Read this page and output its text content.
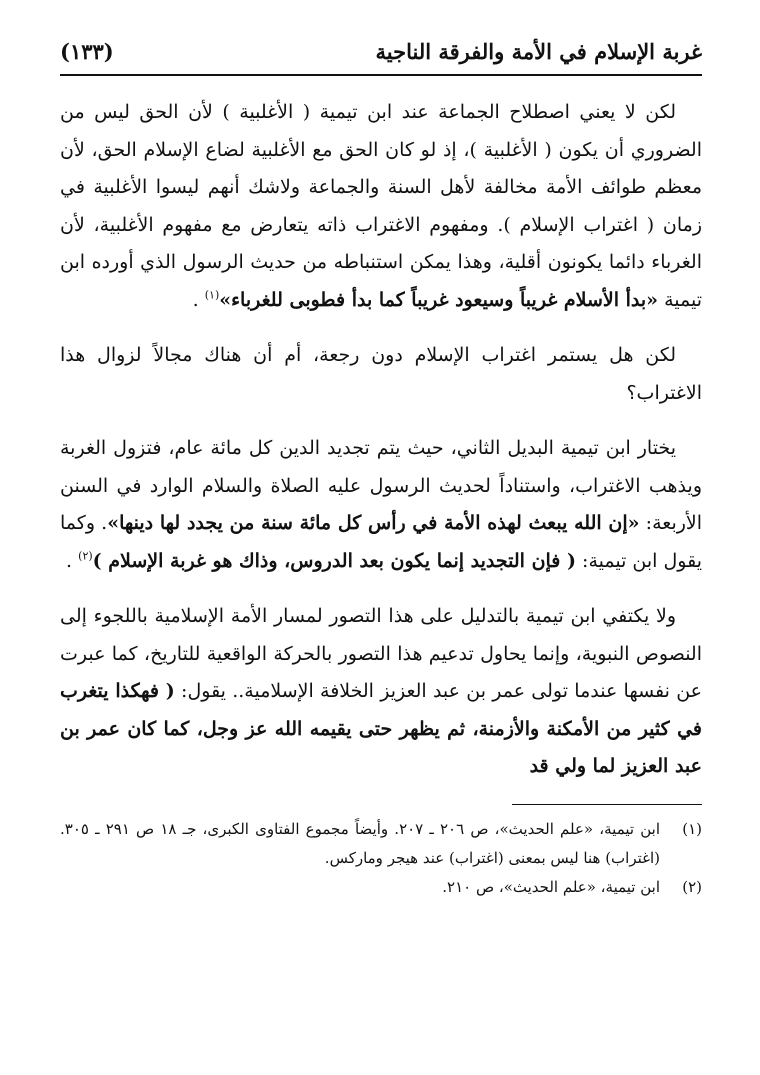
غربة الإسلام في الأمة والفرقة الناجية
(١٣٣)

لكن لا يعني اصطلاح الجماعة عند ابن تيمية ( الأغلبية ) لأن الحق ليس من الضروري أن يكون ( الأغلبية )، إذ لو كان الحق مع الأغلبية لضاع الإسلام الحق، لأن معظم طوائف الأمة مخالفة لأهل السنة والجماعة ولاشك أنهم ليسوا الأغلبية في زمان ( اغتراب الإسلام ). ومفهوم الاغتراب ذاته يتعارض مع مفهوم الأغلبية، لأن الغرباء دائما يكونون أقلية، وهذا يمكن استنباطه من حديث الرسول الذي أورده ابن تيمية «بدأ الأسلام غريباً وسيعود غريباً كما بدأ فطوبى للغرباء»$^{(١)}$ .

لكن هل يستمر اغتراب الإسلام دون رجعة، أم أن هناك مجالاً لزوال هذا الاغتراب؟

يختار ابن تيمية البديل الثاني، حيث يتم تجديد الدين كل مائة عام، فتزول الغربة ويذهب الاغتراب، واستناداً لحديث الرسول عليه الصلاة والسلام الوارد في السنن الأربعة: «إن الله يبعث لهذه الأمة في رأس كل مائة سنة من يجدد لها دينها». وكما يقول ابن تيمية: ( فإن التجديد إنما يكون بعد الدروس، وذاك هو غربة الإسلام )$^{(٢)}$ .

ولا يكتفي ابن تيمية بالتدليل على هذا التصور لمسار الأمة الإسلامية باللجوء إلى النصوص النبوية، وإنما يحاول تدعيم هذا التصور بالحركة الواقعية للتاريخ، كما عبرت عن نفسها عندما تولى عمر بن عبد العزيز الخلافة الإسلامية.. يقول: ( فهكذا يتغرب في كثير من الأمكنة والأزمنة، ثم يظهر حتى يقيمه الله عز وجل، كما كان عمر بن عبد العزيز لما ولي قد

(١)
ابن تيمية، «علم الحديث»، ص ٢٠٦ ـ ٢٠٧. وأيضاً مجموع الفتاوى الكبرى، جـ ١٨ ص ٢٩١ ـ ٣٠٥. (اغتراب) هنا ليس بمعنى (اغتراب) عند هيجر وماركس.
(٢)
ابن تيمية، «علم الحديث»، ص ٢١٠.
